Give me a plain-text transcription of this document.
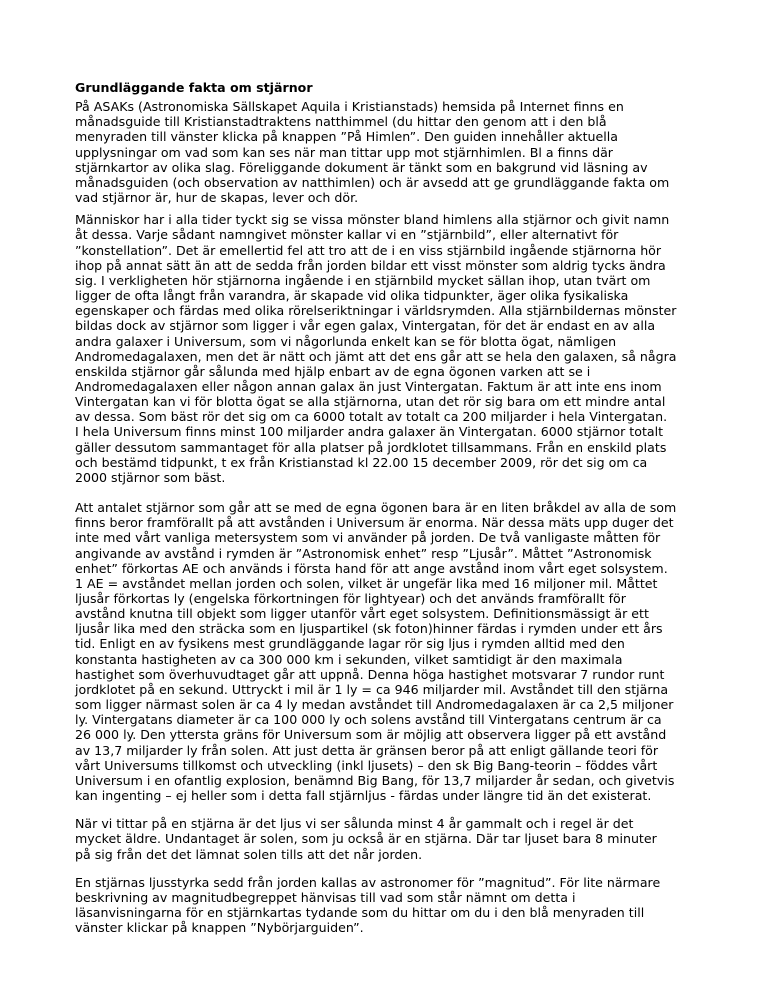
Grundläggande fakta om stjärnor

På ASAKs (Astronomiska Sällskapet Aquila i Kristianstads) hemsida på Internet finns en
månadsguide till Kristianstadtraktens natthimmel (du hittar den genom att i den blå
menyraden till vänster klicka på knappen ”På Himlen”. Den guiden innehåller aktuella
upplysningar om vad som kan ses när man tittar upp mot stjärnhimlen. Bl a finns där
stjärnkartor av olika slag. Föreliggande dokument är tänkt som en bakgrund vid läsning av
månadsguiden (och observation av natthimlen) och är avsedd att ge grundläggande fakta om
vad stjärnor är, hur de skapas, lever och dör.

Människor har i alla tider tyckt sig se vissa mönster bland himlens alla stjärnor och givit namn
åt dessa. Varje sådant namngivet mönster kallar vi en ”stjärnbild”, eller alternativt för
”konstellation”. Det är emellertid fel att tro att de i en viss stjärnbild ingående stjärnorna hör
ihop på annat sätt än att de sedda från jorden bildar ett visst mönster som aldrig tycks ändra
sig. I verkligheten hör stjärnorna ingående i en stjärnbild mycket sällan ihop, utan tvärt om
ligger de ofta långt från varandra, är skapade vid olika tidpunkter, äger olika fysikaliska
egenskaper och färdas med olika rörelseriktningar i världsrymden. Alla stjärnbildernas mönster
bildas dock av stjärnor som ligger i vår egen galax, Vintergatan, för det är endast en av alla
andra galaxer i Universum, som vi någorlunda enkelt kan se för blotta ögat, nämligen
Andromedagalaxen, men det är nätt och jämt att det ens går att se hela den galaxen, så några
enskilda stjärnor går sålunda med hjälp enbart av de egna ögonen varken att se i
Andromedagalaxen eller någon annan galax än just Vintergatan. Faktum är att inte ens inom
Vintergatan kan vi för blotta ögat se alla stjärnorna, utan det rör sig bara om ett mindre antal
av dessa. Som bäst rör det sig om ca 6000 totalt av totalt ca 200 miljarder i hela Vintergatan.
I hela Universum finns minst 100 miljarder andra galaxer än Vintergatan. 6000 stjärnor totalt
gäller dessutom sammantaget för alla platser på jordklotet tillsammans. Från en enskild plats
och bestämd tidpunkt, t ex från Kristianstad kl 22.00 15 december 2009, rör det sig om ca
2000 stjärnor som bäst.

Att antalet stjärnor som går att se med de egna ögonen bara är en liten bråkdel av alla de som
finns beror framförallt på att avstånden i Universum är enorma. När dessa mäts upp duger det
inte med vårt vanliga metersystem som vi använder på jorden. De två vanligaste måtten för
angivande av avstånd i rymden är ”Astronomisk enhet” resp ”Ljusår”. Måttet ”Astronomisk
enhet” förkortas AE och används i första hand för att ange avstånd inom vårt eget solsystem.
1 AE = avståndet mellan jorden och solen, vilket är ungefär lika med 16 miljoner mil. Måttet
ljusår förkortas ly (engelska förkortningen för lightyear) och det används framförallt för
avstånd knutna till objekt som ligger utanför vårt eget solsystem. Definitionsmässigt är ett
ljusår lika med den sträcka som en ljuspartikel (sk foton)hinner färdas i rymden under ett års
tid. Enligt en av fysikens mest grundläggande lagar rör sig ljus i rymden alltid med den
konstanta hastigheten av ca 300 000 km i sekunden, vilket samtidigt är den maximala
hastighet som överhuvudtaget går att uppnå. Denna höga hastighet motsvarar 7 rundor runt
jordklotet på en sekund. Uttryckt i mil är 1 ly = ca 946 miljarder mil. Avståndet till den stjärna
som ligger närmast solen är ca 4 ly medan avståndet till Andromedagalaxen är ca 2,5 miljoner
ly. Vintergatans diameter är ca 100 000 ly och solens avstånd till Vintergatans centrum är ca
26 000 ly. Den yttersta gräns för Universum som är möjlig att observera ligger på ett avstånd
av 13,7 miljarder ly från solen. Att just detta är gränsen beror på att enligt gällande teori för
vårt Universums tillkomst och utveckling (inkl ljusets) – den sk Big Bang-teorin – föddes vårt
Universum i en ofantlig explosion, benämnd Big Bang, för 13,7 miljarder år sedan, och givetvis
kan ingenting – ej heller som i detta fall stjärnljus - färdas under längre tid än det existerat.

När vi tittar på en stjärna är det ljus vi ser sålunda minst 4 år gammalt och i regel är det
mycket äldre. Undantaget är solen, som ju också är en stjärna. Där tar ljuset bara 8 minuter
på sig från det det lämnat solen tills att det når jorden.

En stjärnas ljusstyrka sedd från jorden kallas av astronomer för ”magnitud”. För lite närmare
beskrivning av magnitudbegreppet hänvisas till vad som står nämnt om detta i
läsanvisningarna för en stjärnkartas tydande som du hittar om du i den blå menyraden till
vänster klickar på knappen ”Nybörjarguiden”.
